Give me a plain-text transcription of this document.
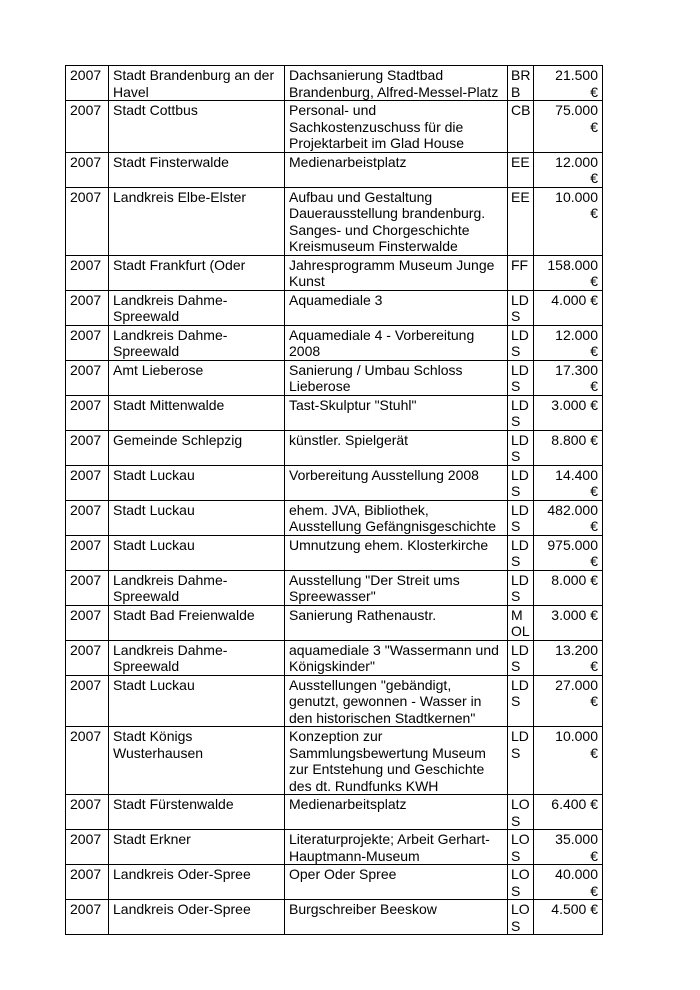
2007	Stadt Brandenburg an der Havel	Dachsanierung Stadtbad Brandenburg, Alfred-Messel-Platz	BRB	21.500 €
2007	Stadt Cottbus	Personal- und Sachkostenzuschuss für die Projektarbeit im Glad House	CB	75.000 €
2007	Stadt Finsterwalde	Medienarbeistplatz	EE	12.000 €
2007	Landkreis Elbe-Elster	Aufbau und Gestaltung Dauerausstellung brandenburg. Sanges- und Chorgeschichte Kreismuseum Finsterwalde	EE	10.000 €
2007	Stadt Frankfurt (Oder	Jahresprogramm Museum Junge Kunst	FF	158.000 €
2007	Landkreis Dahme-Spreewald	Aquamediale 3	LDS	4.000 €
2007	Landkreis Dahme-Spreewald	Aquamediale 4 - Vorbereitung 2008	LDS	12.000 €
2007	Amt Lieberose	Sanierung / Umbau Schloss Lieberose	LDS	17.300 €
2007	Stadt Mittenwalde	Tast-Skulptur "Stuhl"	LDS	3.000 €
2007	Gemeinde Schlepzig	künstler. Spielgerät	LDS	8.800 €
2007	Stadt Luckau	Vorbereitung Ausstellung 2008	LDS	14.400 €
2007	Stadt Luckau	ehem. JVA, Bibliothek, Ausstellung Gefängnisgeschichte	LDS	482.000 €
2007	Stadt Luckau	Umnutzung ehem. Klosterkirche	LDS	975.000 €
2007	Landkreis Dahme-Spreewald	Ausstellung "Der Streit ums Spreewasser"	LDS	8.000 €
2007	Stadt Bad Freienwalde	Sanierung Rathenaustr.	MOL	3.000 €
2007	Landkreis Dahme-Spreewald	aquamediale 3 "Wassermann und Königskinder"	LDS	13.200 €
2007	Stadt Luckau	Ausstellungen "gebändigt, genutzt, gewonnen - Wasser in den historischen Stadtkernen"	LDS	27.000 €
2007	Stadt Königs Wusterhausen	Konzeption zur Sammlungsbewertung Museum zur Entstehung und Geschichte des dt. Rundfunks KWH	LDS	10.000 €
2007	Stadt Fürstenwalde	Medienarbeitsplatz	LOS	6.400 €
2007	Stadt Erkner	Literaturprojekte; Arbeit Gerhart-Hauptmann-Museum	LOS	35.000 €
2007	Landkreis Oder-Spree	Oper Oder Spree	LOS	40.000 €
2007	Landkreis Oder-Spree	Burgschreiber Beeskow	LOS	4.500 €
